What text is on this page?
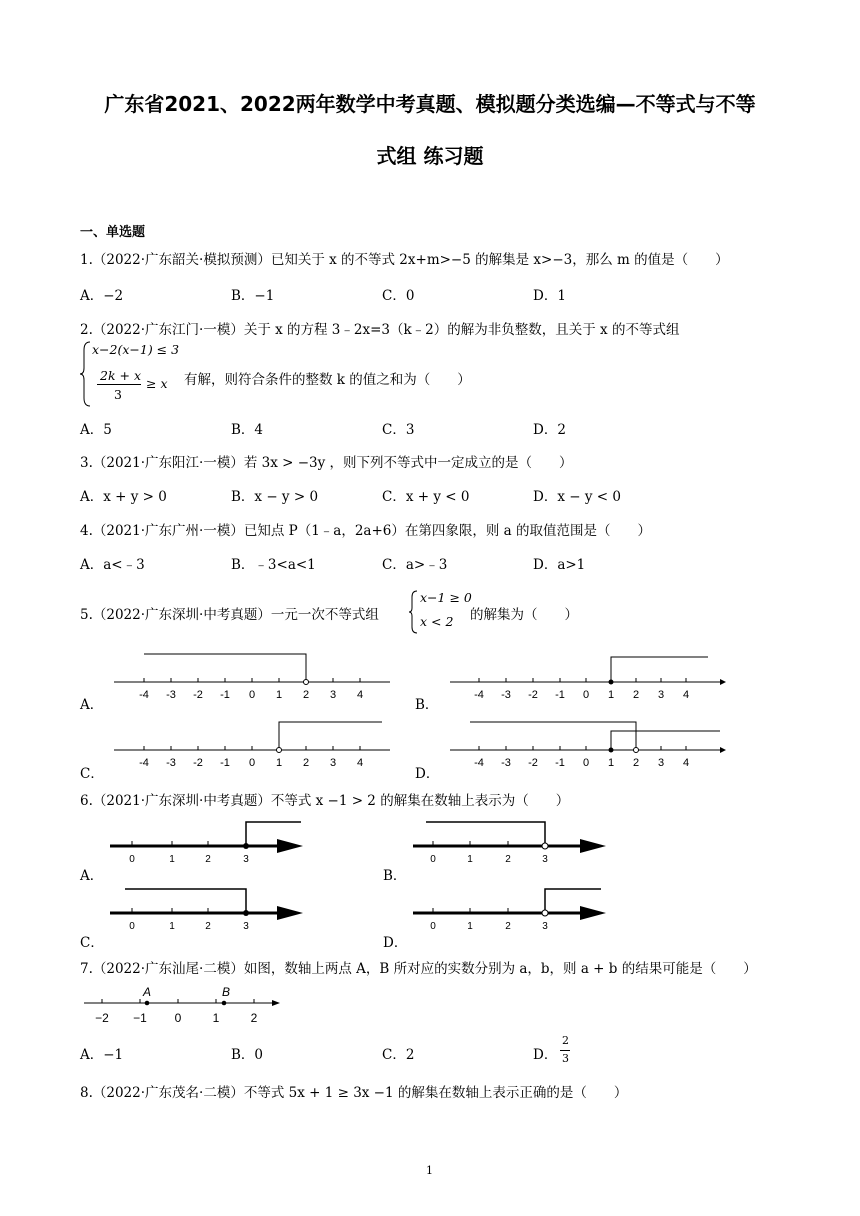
广东省2021、2022两年数学中考真题、模拟题分类选编—不等式与不等
式组 练习题
一、单选题
1.（2022·广东韶关·模拟预测）已知关于 x 的不等式 2x+m>−5 的解集是 x>−3，那么 m 的值是（　　）
A．−2	B．−1	C．0	D．1
2.（2022·广东江门·一模）关于 x 的方程 3﹣2x=3（k﹣2）的解为非负整数，且关于 x 的不等式组
x−2(x−1) ≤ 3
2k + x
3
≥ x 有解，则符合条件的整数 k 的值之和为（　　）
A．5	B．4	C．3	D．2
3.（2021·广东阳江·一模）若 3x > −3y ，则下列不等式中一定成立的是（　　）
A．x + y > 0	B．x − y > 0	C．x + y < 0	D．x − y < 0
4.（2021·广东广州·一模）已知点 P（1﹣a，2a+6）在第四象限，则 a 的取值范围是（　　）
A．a<﹣3	B．﹣3<a<1	C．a>﹣3	D．a>1
5.（2022·广东深圳·中考真题）一元一次不等式组
x−1 ≥ 0
x < 2 的解集为（　　）
A．	B．
C．	D．
-4 -3 -2 -1 0 1 2 3 4	-4 -3 -2 -1 0 1 2 3 4
-4 -3 -2 -1 0 1 2 3 4	-4 -3 -2 -1 0 1 2 3 4
6.（2021·广东深圳·中考真题）不等式 x −1 > 2 的解集在数轴上表示为（　　）
A．	B．
C．	D．
0	1	2	3	0	1	2	3
0	1	2	3	0	1	2	3
7.（2022·广东汕尾·二模）如图，数轴上两点 A，B 所对应的实数分别为 a，b，则 a + b 的结果可能是（　　）
A	B
−2 −1 0	1	2
A．−1	B．0	C．2	D．
2
3
8.（2022·广东茂名·二模）不等式 5x + 1 ≥ 3x −1 的解集在数轴上表示正确的是（　　）
1
